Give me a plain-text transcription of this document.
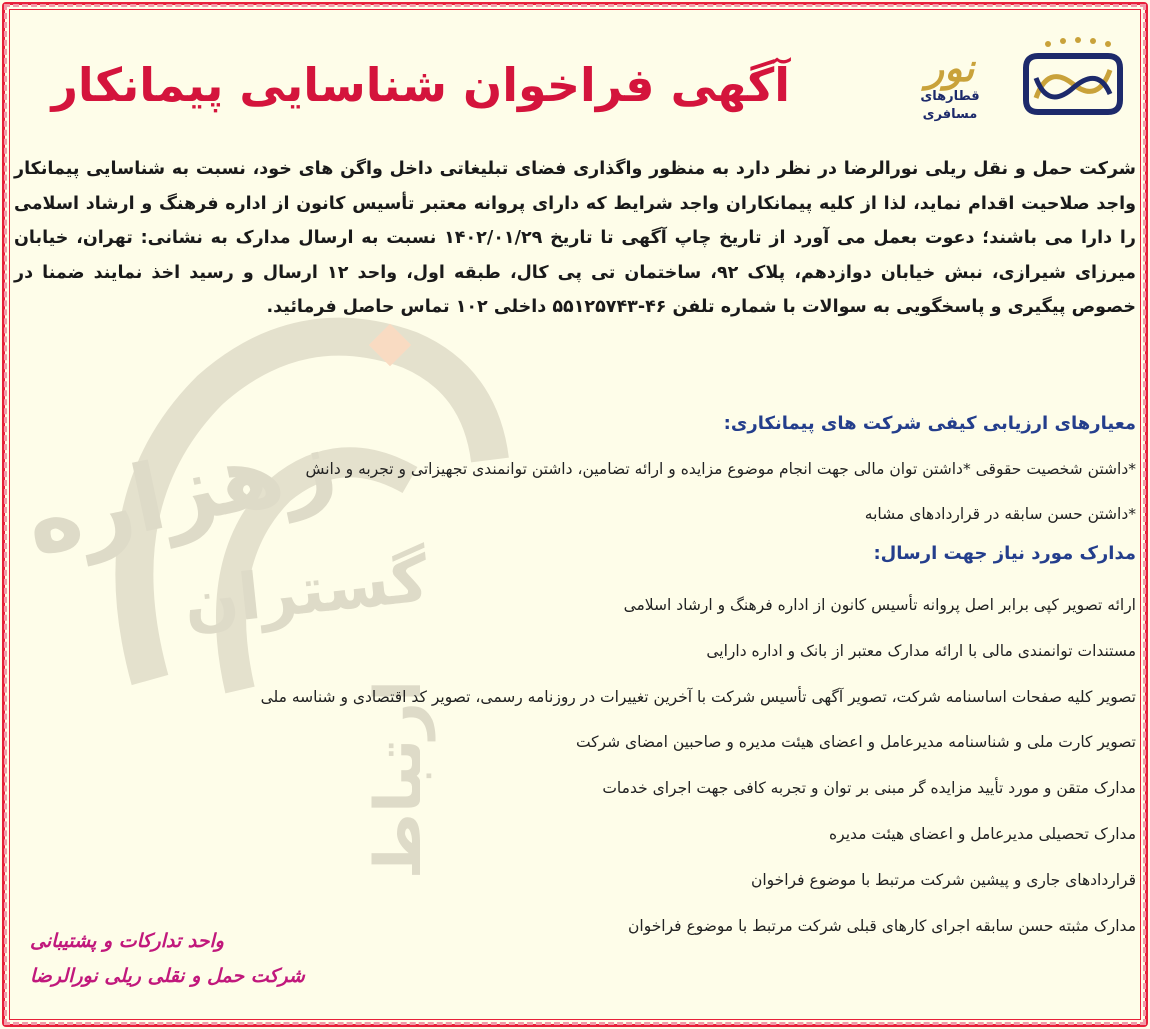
زهزاره
گستران
ارتباط
نور
قطارهای مسافری
آگهی فراخوان شناسایی پیمانکار

شرکت حمل و نقل ریلی نورالرضا در نظر دارد به منظور واگذاری فضای تبلیغاتی داخل واگن های خود، نسبت به شناسایی پیمانکار واجد صلاحیت اقدام نماید، لذا از کلیه پیمانکاران واجد شرایط که دارای پروانه معتبر تأسیس کانون از اداره فرهنگ و ارشاد اسلامی را دارا می باشند؛ دعوت بعمل می آورد از تاریخ چاپ آگهی تا تاریخ ۱۴۰۲/۰۱/۲۹ نسبت به ارسال مدارک به نشانی: تهران، خیابان میرزای شیرازی، نبش خیابان دوازدهم، پلاک ۹۲، ساختمان تی پی کال، طبقه اول، واحد ۱۲ ارسال و رسید اخذ نمایند ضمنا در خصوص پیگیری و پاسخگویی به سوالات با شماره تلفن ۴۶-۵۵۱۲۵۷۴۳ داخلی ۱۰۲ تماس حاصل فرمائید.

معیارهای ارزیابی کیفی شرکت های پیمانکاری:
*داشتن شخصیت حقوقی *داشتن توان مالی جهت انجام موضوع مزایده و ارائه تضامین، داشتن توانمندی تجهیزاتی و تجربه و دانش
*داشتن حسن سابقه در قراردادهای مشابه
مدارک مورد نیاز جهت ارسال:
ارائه تصویر کپی برابر اصل پروانه تأسیس کانون از اداره فرهنگ و ارشاد اسلامی
مستندات توانمندی مالی با ارائه مدارک معتبر از بانک و اداره دارایی
تصویر کلیه صفحات اساسنامه شرکت، تصویر آگهی تأسیس شرکت با آخرین تغییرات در روزنامه رسمی، تصویر کد اقتصادی و شناسه ملی
تصویر کارت ملی و شناسنامه مدیرعامل و اعضای هیئت مدیره و صاحبین امضای شرکت
مدارک متقن و مورد تأیید مزایده گر مبنی بر توان و تجربه کافی جهت اجرای خدمات
مدارک تحصیلی مدیرعامل و اعضای هیئت مدیره
قراردادهای جاری و پیشین شرکت مرتبط با موضوع فراخوان
مدارک مثبته حسن سابقه اجرای کارهای قبلی شرکت مرتبط با موضوع فراخوان
واحد تدارکات و پشتیبانی
شرکت حمل و نقلی ریلی نورالرضا
